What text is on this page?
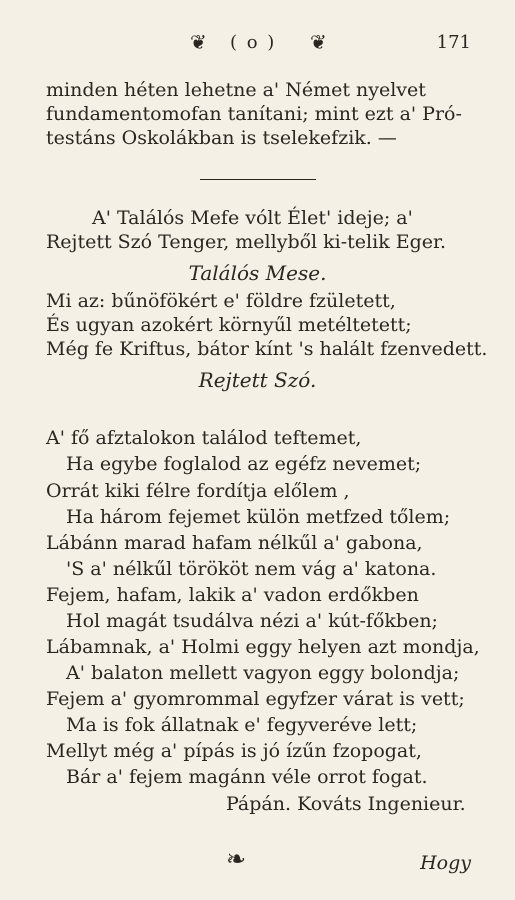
❦ ( o ) ❦	171
minden héten lehetne a' Német nyelvet
fundamentomofan tanítani; mint ezt a' Pró-
testáns Oskolákban is tselekefzik. —
A' Találós Mefe vólt Élet' ideje; a'
Rejtett Szó Tenger, mellyből ki-telik Eger.
Találós Mese.
Mi az: bűnöfökért e' földre fzületett,
És ugyan azokért környűl metéltetett;
Még fe Kriftus, bátor kínt 's halált fzenvedett.
Rejtett Szó.
A' fő afztalokon találod teftemet,
Ha egybe foglalod az egéfz nevemet;
Orrát kiki félre fordítja előlem ,
Ha három fejemet külön metfzed tőlem;
Lábánn marad hafam nélkűl a' gabona,
'S a' nélkűl törököt nem vág a' katona.
Fejem, hafam, lakik a' vadon erdőkben
Hol magát tsudálva nézi a' kút-főkben;
Lábamnak, a' Holmi eggy helyen azt mondja,
A' balaton mellett vagyon eggy bolondja;
Fejem a' gyomrommal egyfzer várat is vett;
Ma is fok állatnak e' fegyveréve lett;
Mellyt még a' pípás is jó ízűn fzopogat,
Bár a' fejem magánn véle orrot fogat.
Pápán. Kováts Ingenieur.
❧	Hogy
